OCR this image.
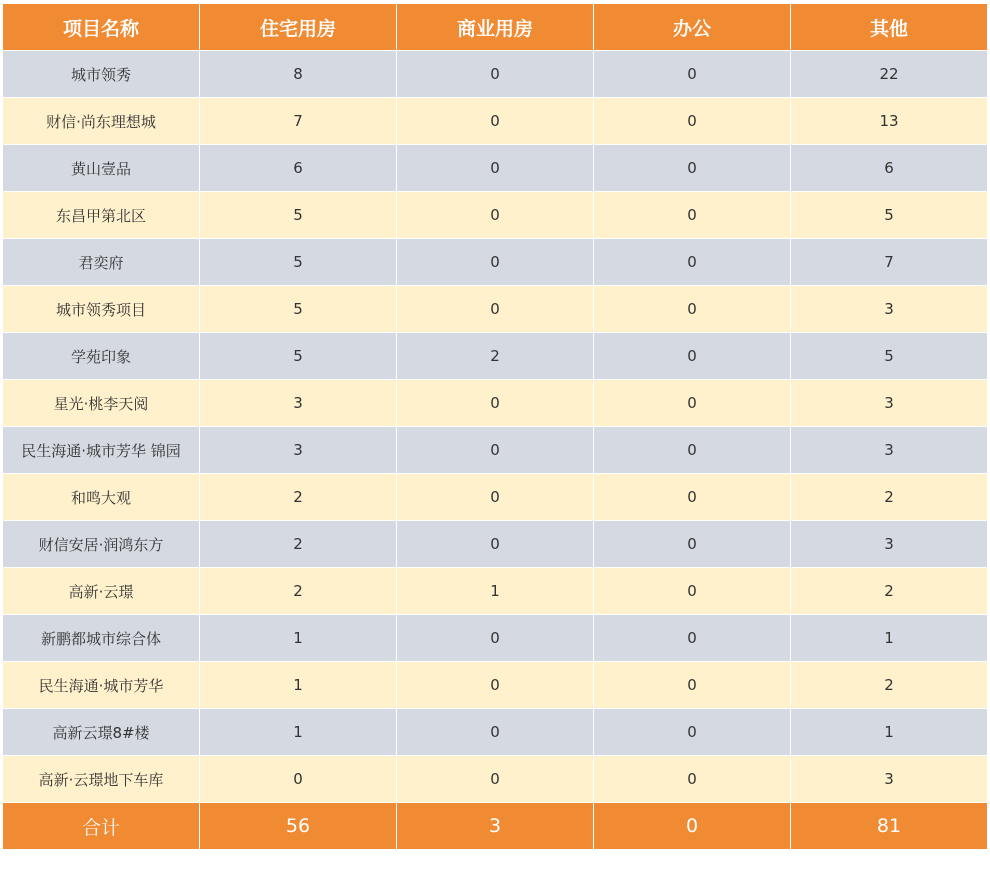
项目名称	住宅用房	商业用房	办公	其他
城市领秀	8	0	0	22
财信·尚东理想城	7	0	0	13
黄山壹品	6	0	0	6
东昌甲第北区	5	0	0	5
君奕府	5	0	0	7
城市领秀项目	5	0	0	3
学苑印象	5	2	0	5
星光·桃李天阅	3	0	0	3
民生海通·城市芳华 锦园	3	0	0	3
和鸣大观	2	0	0	2
财信安居·润鸿东方	2	0	0	3
高新·云璟	2	1	0	2
新鹏都城市综合体	1	0	0	1
民生海通·城市芳华	1	0	0	2
高新云璟8#楼	1	0	0	1
高新·云璟地下车库	0	0	0	3
合计	56	3	0	81
